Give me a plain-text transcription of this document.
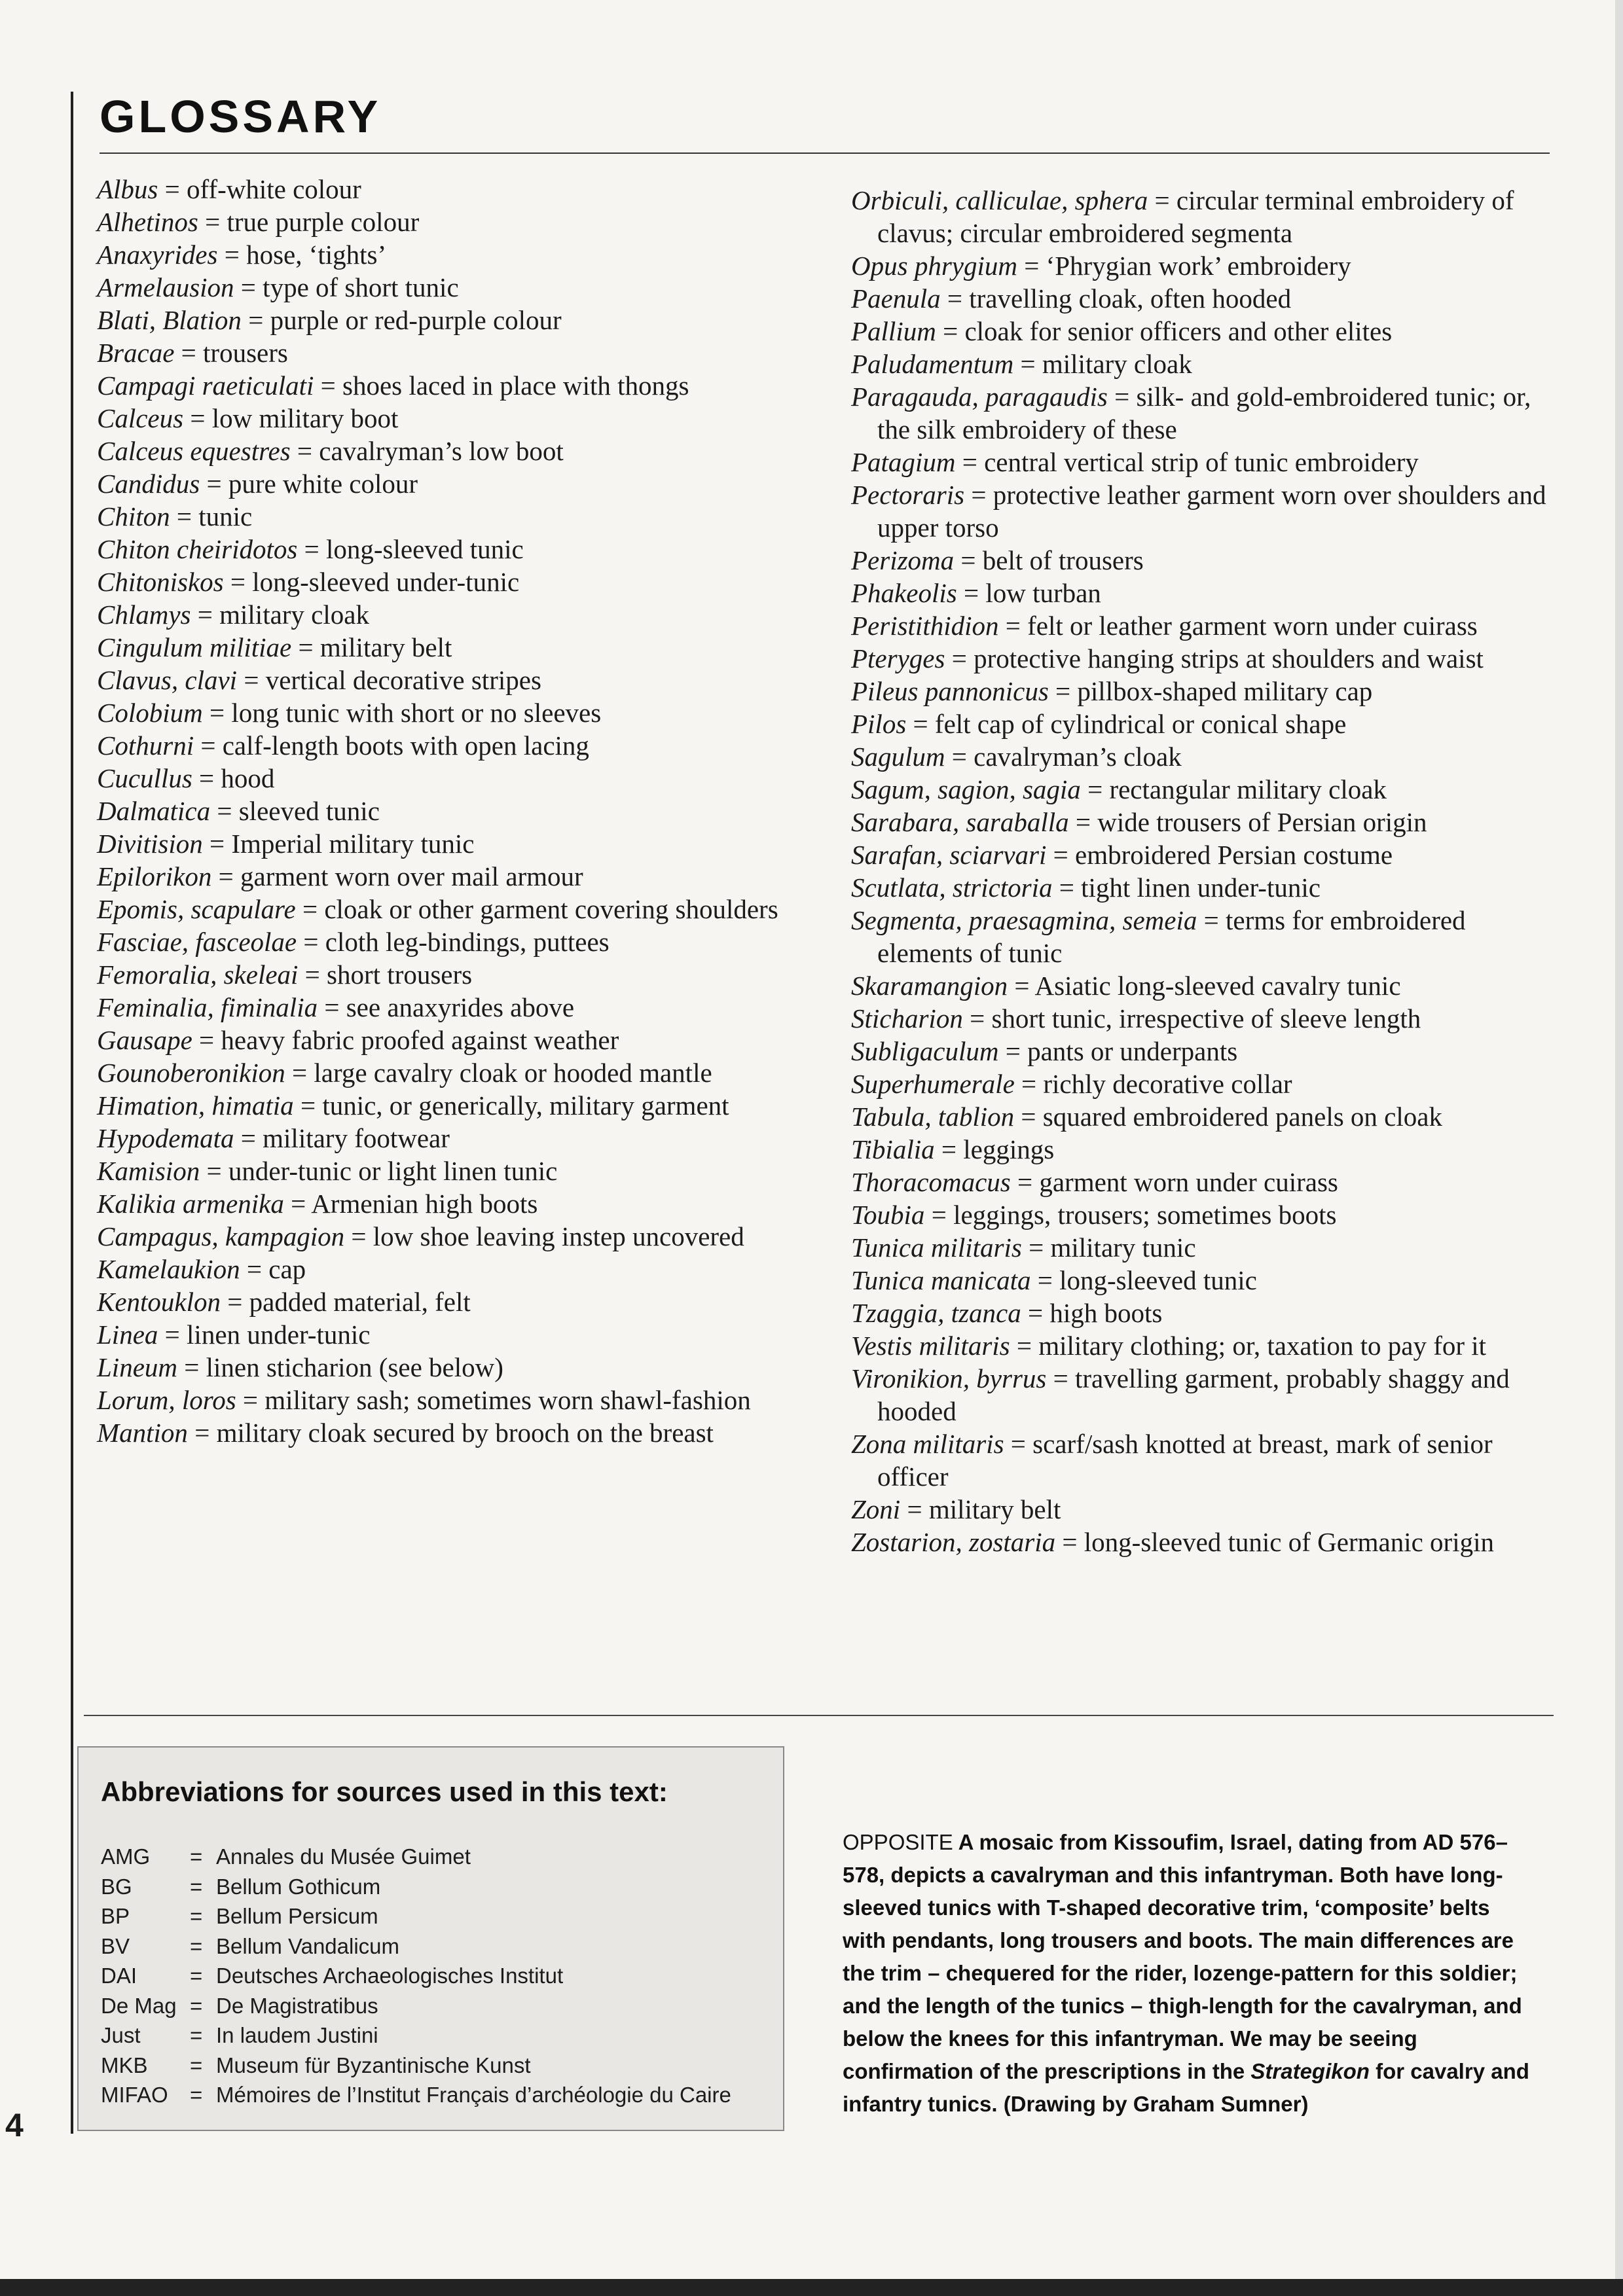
GLOSSARY
Albus = off-white colour
Alhetinos = true purple colour
Anaxyrides = hose, ‘tights’
Armelausion = type of short tunic
Blati, Blation = purple or red-purple colour
Bracae = trousers
Campagi raeticulati = shoes laced in place with thongs
Calceus = low military boot
Calceus equestres = cavalryman’s low boot
Candidus = pure white colour
Chiton = tunic
Chiton cheiridotos = long-sleeved tunic
Chitoniskos = long-sleeved under-tunic
Chlamys = military cloak
Cingulum militiae = military belt
Clavus, clavi = vertical decorative stripes
Colobium = long tunic with short or no sleeves
Cothurni = calf-length boots with open lacing
Cucullus = hood
Dalmatica = sleeved tunic
Divitision = Imperial military tunic
Epilorikon = garment worn over mail armour
Epomis, scapulare = cloak or other garment covering shoulders
Fasciae, fasceolae = cloth leg-bindings, puttees
Femoralia, skeleai = short trousers
Feminalia, fiminalia = see anaxyrides above
Gausape = heavy fabric proofed against weather
Gounoberonikion = large cavalry cloak or hooded mantle
Himation, himatia = tunic, or generically, military garment
Hypodemata = military footwear
Kamision = under-tunic or light linen tunic
Kalikia armenika = Armenian high boots
Campagus, kampagion = low shoe leaving instep uncovered
Kamelaukion = cap
Kentouklon = padded material, felt
Linea = linen under-tunic
Lineum = linen sticharion (see below)
Lorum, loros = military sash; sometimes worn shawl-fashion
Mantion = military cloak secured by brooch on the breast
Orbiculi, calliculae, sphera = circular terminal embroidery of clavus; circular embroidered segmenta
Opus phrygium = ‘Phrygian work’ embroidery
Paenula = travelling cloak, often hooded
Pallium = cloak for senior officers and other elites
Paludamentum = military cloak
Paragauda, paragaudis = silk- and gold-embroidered tunic; or, the silk embroidery of these
Patagium = central vertical strip of tunic embroidery
Pectoraris = protective leather garment worn over shoulders and upper torso
Perizoma = belt of trousers
Phakeolis = low turban
Peristithidion = felt or leather garment worn under cuirass
Pteryges = protective hanging strips at shoulders and waist
Pileus pannonicus = pillbox-shaped military cap
Pilos = felt cap of cylindrical or conical shape
Sagulum = cavalryman’s cloak
Sagum, sagion, sagia = rectangular military cloak
Sarabara, saraballa = wide trousers of Persian origin
Sarafan, sciarvari = embroidered Persian costume
Scutlata, strictoria = tight linen under-tunic
Segmenta, praesagmina, semeia = terms for embroidered elements of tunic
Skaramangion = Asiatic long-sleeved cavalry tunic
Sticharion = short tunic, irrespective of sleeve length
Subligaculum = pants or underpants
Superhumerale = richly decorative collar
Tabula, tablion = squared embroidered panels on cloak
Tibialia = leggings
Thoracomacus = garment worn under cuirass
Toubia = leggings, trousers; sometimes boots
Tunica militaris = military tunic
Tunica manicata = long-sleeved tunic
Tzaggia, tzanca = high boots
Vestis militaris = military clothing; or, taxation to pay for it
Vironikion, byrrus = travelling garment, probably shaggy and hooded
Zona militaris = scarf/sash knotted at breast, mark of senior officer
Zoni = military belt
Zostarion, zostaria = long-sleeved tunic of Germanic origin
Abbreviations for sources used in this text:
AMG = Annales du Musée Guimet
BG	= Bellum Gothicum
BP	= Bellum Persicum
BV	= Bellum Vandalicum
DAI = Deutsches Archaeologisches Institut
De Mag = De Magistratibus
Just = In laudem Justini
MKB = Museum für Byzantinische Kunst
MIFAO = Mémoires de l’Institut Français d’archéologie du Caire

OPPOSITE A mosaic from Kissoufim, Israel, dating from AD 576–578, depicts a cavalryman and this infantryman. Both have long-sleeved tunics with T-shaped decorative trim, ‘composite’ belts with pendants, long trousers and boots. The main differences are the trim – chequered for the rider, lozenge-pattern for this soldier; and the length of the tunics – thigh-length for the cavalryman, and below the knees for this infantryman. We may be seeing confirmation of the prescriptions in the Strategikon for cavalry and infantry tunics. (Drawing by Graham Sumner)

4
